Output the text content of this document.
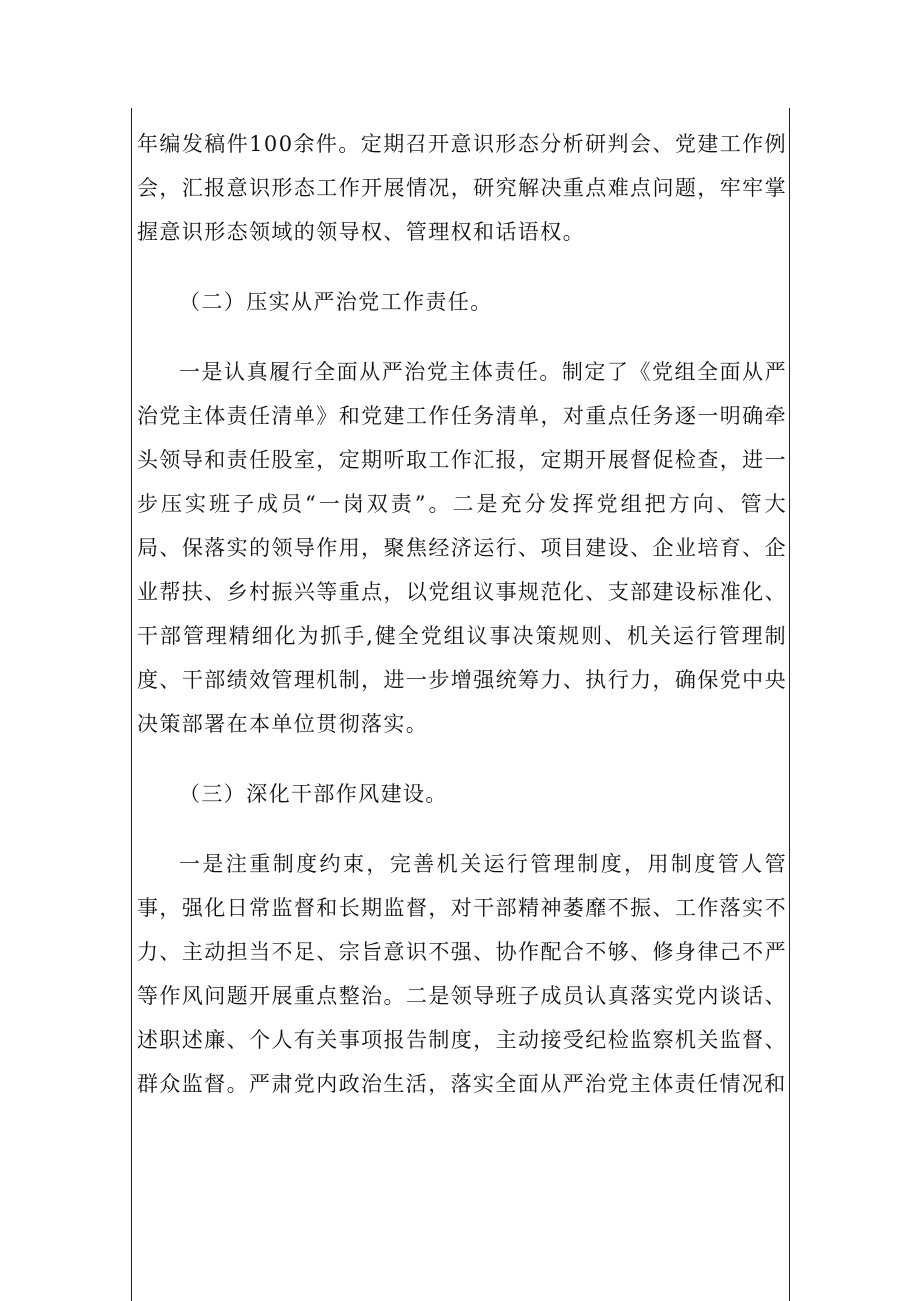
年编发稿件100余件。定期召开意识形态分析研判会、党建工作例会，汇报意识形态工作开展情况，研究解决重点难点问题，牢牢掌握意识形态领域的领导权、管理权和话语权。

（二）压实从严治党工作责任。

一是认真履行全面从严治党主体责任。制定了《党组全面从严治党主体责任清单》和党建工作任务清单，对重点任务逐一明确牵头领导和责任股室，定期听取工作汇报，定期开展督促检查，进一步压实班子成员“一岗双责”。二是充分发挥党组把方向、管大局、保落实的领导作用，聚焦经济运行、项目建设、企业培育、企业帮扶、乡村振兴等重点，以党组议事规范化、支部建设标准化、干部管理精细化为抓手,健全党组议事决策规则、机关运行管理制度、干部绩效管理机制，进一步增强统筹力、执行力，确保党中央决策部署在本单位贯彻落实。

（三）深化干部作风建设。

一是注重制度约束，完善机关运行管理制度，用制度管人管事，强化日常监督和长期监督，对干部精神萎靡不振、工作落实不力、主动担当不足、宗旨意识不强、协作配合不够、修身律己不严等作风问题开展重点整治。二是领导班子成员认真落实党内谈话、述职述廉、个人有关事项报告制度，主动接受纪检监察机关监督、群众监督。严肃党内政治生活，落实全面从严治党主体责任情况和
